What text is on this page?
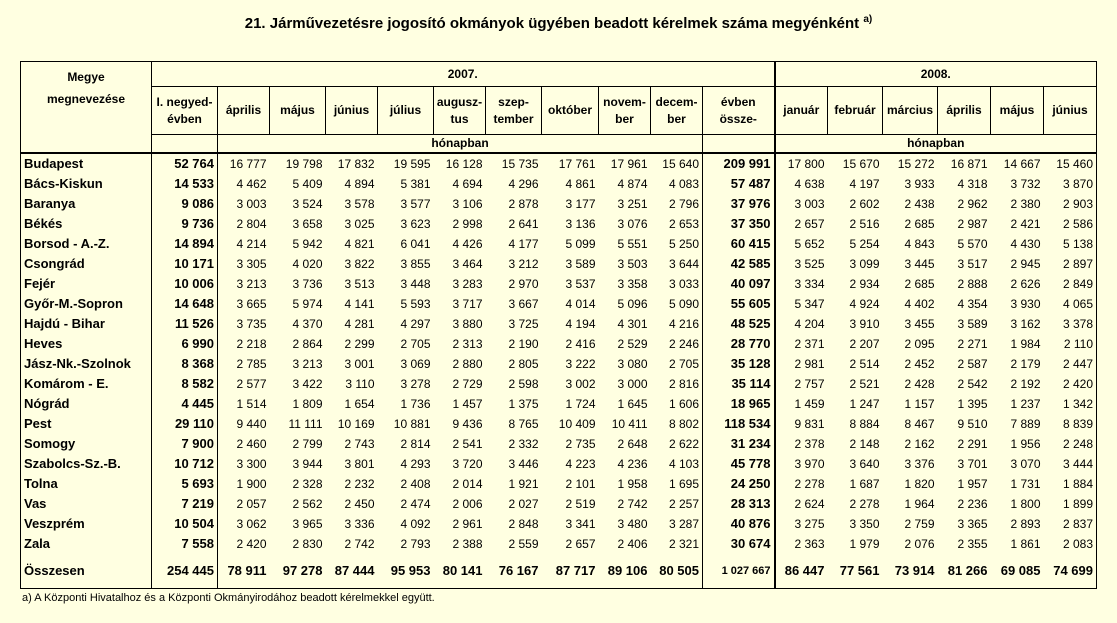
21. Járművezetésre jogosító okmányok ügyében beadott kérelmek száma megyénként $^{a)}$
Megye
megnevezése	2007.											2008.					
	I. negyed-évben	április	május	június	július	augusz-tus	szep-tember	október	novem-ber	decem-ber	évben össze-	január	február	március	április	május	június
		hónapban										hónapban					
Budapest	52 764	16 777	19 798	17 832	19 595	16 128	15 735	17 761	17 961	15 640	209 991	17 800	15 670	15 272	16 871	14 667	15 460
Bács-Kiskun	14 533	4 462	5 409	4 894	5 381	4 694	4 296	4 861	4 874	4 083	57 487	4 638	4 197	3 933	4 318	3 732	3 870
Baranya	9 086	3 003	3 524	3 578	3 577	3 106	2 878	3 177	3 251	2 796	37 976	3 003	2 602	2 438	2 962	2 380	2 903
Békés	9 736	2 804	3 658	3 025	3 623	2 998	2 641	3 136	3 076	2 653	37 350	2 657	2 516	2 685	2 987	2 421	2 586
Borsod - A.-Z.	14 894	4 214	5 942	4 821	6 041	4 426	4 177	5 099	5 551	5 250	60 415	5 652	5 254	4 843	5 570	4 430	5 138
Csongrád	10 171	3 305	4 020	3 822	3 855	3 464	3 212	3 589	3 503	3 644	42 585	3 525	3 099	3 445	3 517	2 945	2 897
Fejér	10 006	3 213	3 736	3 513	3 448	3 283	2 970	3 537	3 358	3 033	40 097	3 334	2 934	2 685	2 888	2 626	2 849
Győr-M.-Sopron	14 648	3 665	5 974	4 141	5 593	3 717	3 667	4 014	5 096	5 090	55 605	5 347	4 924	4 402	4 354	3 930	4 065
Hajdú - Bihar	11 526	3 735	4 370	4 281	4 297	3 880	3 725	4 194	4 301	4 216	48 525	4 204	3 910	3 455	3 589	3 162	3 378
Heves	6 990	2 218	2 864	2 299	2 705	2 313	2 190	2 416	2 529	2 246	28 770	2 371	2 207	2 095	2 271	1 984	2 110
Jász-Nk.-Szolnok	8 368	2 785	3 213	3 001	3 069	2 880	2 805	3 222	3 080	2 705	35 128	2 981	2 514	2 452	2 587	2 179	2 447
Komárom - E.	8 582	2 577	3 422	3 110	3 278	2 729	2 598	3 002	3 000	2 816	35 114	2 757	2 521	2 428	2 542	2 192	2 420
Nógrád	4 445	1 514	1 809	1 654	1 736	1 457	1 375	1 724	1 645	1 606	18 965	1 459	1 247	1 157	1 395	1 237	1 342
Pest	29 110	9 440	11 111	10 169	10 881	9 436	8 765	10 409	10 411	8 802	118 534	9 831	8 884	8 467	9 510	7 889	8 839
Somogy	7 900	2 460	2 799	2 743	2 814	2 541	2 332	2 735	2 648	2 622	31 234	2 378	2 148	2 162	2 291	1 956	2 248
Szabolcs-Sz.-B.	10 712	3 300	3 944	3 801	4 293	3 720	3 446	4 223	4 236	4 103	45 778	3 970	3 640	3 376	3 701	3 070	3 444
Tolna	5 693	1 900	2 328	2 232	2 408	2 014	1 921	2 101	1 958	1 695	24 250	2 278	1 687	1 820	1 957	1 731	1 884
Vas	7 219	2 057	2 562	2 450	2 474	2 006	2 027	2 519	2 742	2 257	28 313	2 624	2 278	1 964	2 236	1 800	1 899
Veszprém	10 504	3 062	3 965	3 336	4 092	2 961	2 848	3 341	3 480	3 287	40 876	3 275	3 350	2 759	3 365	2 893	2 837
Zala	7 558	2 420	2 830	2 742	2 793	2 388	2 559	2 657	2 406	2 321	30 674	2 363	1 979	2 076	2 355	1 861	2 083
Összesen	254 445	78 911	97 278	87 444	95 953	80 141	76 167	87 717	89 106	80 505	1 027 667	86 447	77 561	73 914	81 266	69 085	74 699
a) A Központi Hivatalhoz és a Központi Okmányirodához beadott kérelmekkel együtt.
